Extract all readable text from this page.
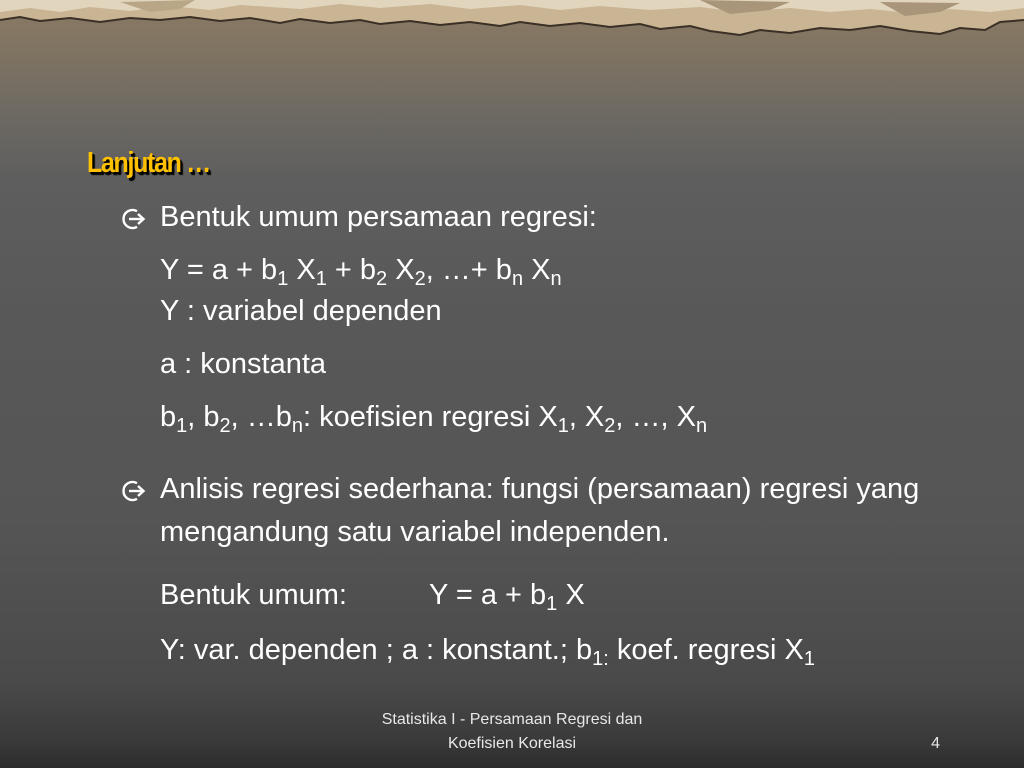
Lanjutan …
Bentuk umum persamaan regresi:
$Y = a + b_1$ $X_1 + b_2$ $X_2$, …+ $b_n$ $X_n$
Y : variabel dependen
a : konstanta
$b_1$, $b_2$, $\dots b_n$: koefisien regresi $X_1$, $X_2$, …, $X_n$
Anlisis regresi sederhana: fungsi (persamaan) regresi yang
mengandung satu variabel independen.
Bentuk umum:	$Y = a + b_1$ X
Y: var. dependen ; a : konstant.; $b_{1:}$ koef. regresi $X_1$
Statistika I - Persamaan Regresi dan
Koefisien Korelasi	4
